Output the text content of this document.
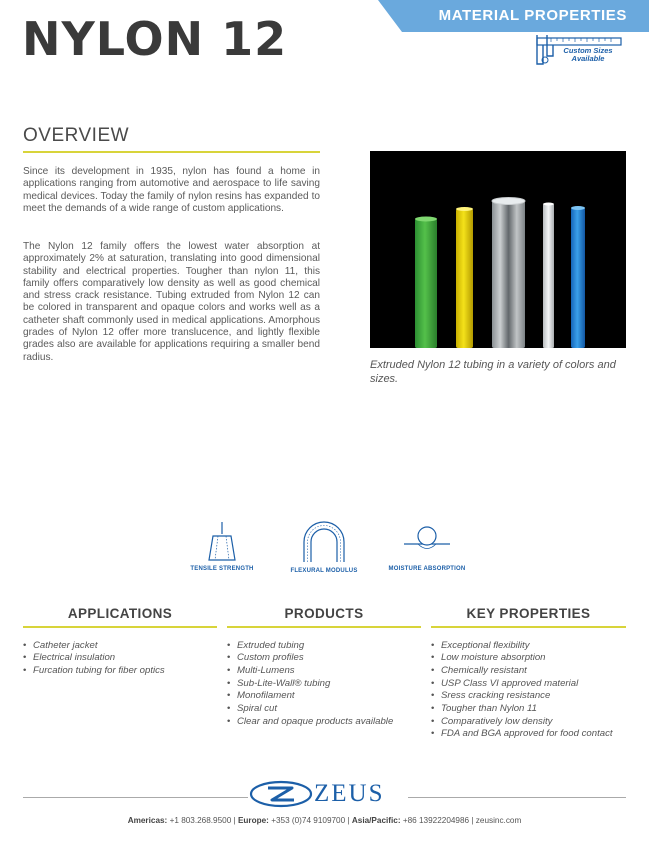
NYLON 12	MATERIAL PROPERTIES
Custom Sizes Available
OVERVIEW

Since its development in 1935, nylon has found a home in applications ranging from automotive and aerospace to life saving medical devices. Today the family of nylon resins has expanded to meet the demands of a wide range of custom applications.

The Nylon 12 family offers the lowest water absorption at approximately 2% at saturation, translating into good dimensional stability and electrical properties. Tougher than nylon 11, this family offers comparatively low density as well as good chemical and stress crack resistance. Tubing extruded from Nylon 12 can be colored in transparent and opaque colors and works well as a catheter shaft commonly used in medical applications. Amorphous grades of Nylon 12 offer more translucence, and lightly flexible grades also are available for applications requiring a smaller bend radius.

Extruded Nylon 12 tubing in a variety of colors and sizes.
TENSILE STRENGTH	FLEXURAL MODULUS	MOISTURE ABSORPTION
APPLICATIONS
• Catheter jacket
• Electrical insulation
• Furcation tubing for fiber optics
PRODUCTS
• Extruded tubing
• Custom profiles
• Multi-Lumens
• Sub-Lite-Wall® tubing
• Monofilament
• Spiral cut
• Clear and opaque products available
KEY PROPERTIES
• Exceptional flexibility
• Low moisture absorption
• Chemically resistant
• USP Class VI approved material
• Sress cracking resistance
• Tougher than Nylon 11
• Comparatively low density
• FDA and BGA approved for food contact
ZEUS
Americas: +1 803.268.9500 | Europe: +353 (0)74 9109700 | Asia/Pacific: +86 13922204986 | zeusinc.com
